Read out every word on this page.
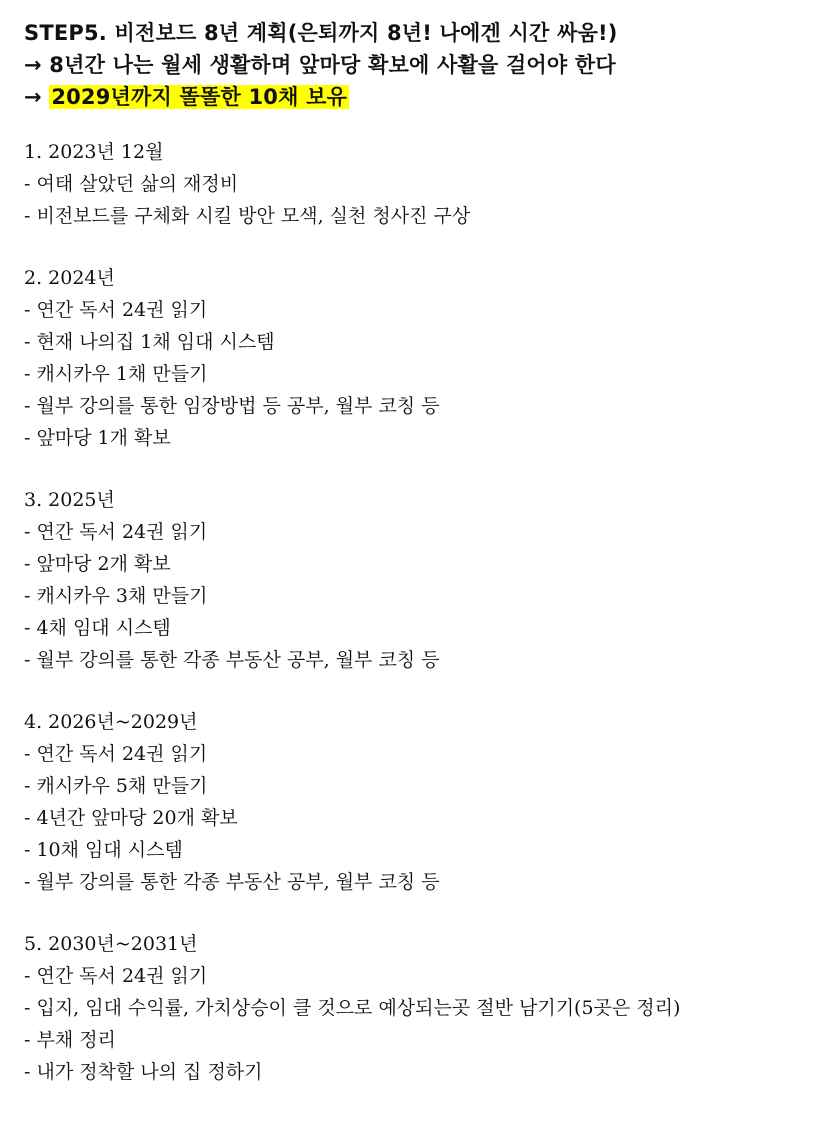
STEP5. 비전보드 8년 계획(은퇴까지 8년! 나에겐 시간 싸움!)
→ 8년간 나는 월세 생활하며 앞마당 확보에 사활을 걸어야 한다
→ 2029년까지 똘똘한 10채 보유
1. 2023년 12월
- 여태 살았던 삶의 재정비
- 비전보드를 구체화 시킬 방안 모색, 실천 청사진 구상
2. 2024년
- 연간 독서 24권 읽기
- 현재 나의집 1채 임대 시스템
- 캐시카우 1채 만들기
- 월부 강의를 통한 임장방법 등 공부, 월부 코칭 등
- 앞마당 1개 확보
3. 2025년
- 연간 독서 24권 읽기
- 앞마당 2개 확보
- 캐시카우 3채 만들기
- 4채 임대 시스템
- 월부 강의를 통한 각종 부동산 공부, 월부 코칭 등
4. 2026년~2029년
- 연간 독서 24권 읽기
- 캐시카우 5채 만들기
- 4년간 앞마당 20개 확보
- 10채 임대 시스템
- 월부 강의를 통한 각종 부동산 공부, 월부 코칭 등
5. 2030년~2031년
- 연간 독서 24권 읽기
- 입지, 임대 수익률, 가치상승이 클 것으로 예상되는곳 절반 남기기(5곳은 정리)
- 부채 정리
- 내가 정착할 나의 집 정하기
